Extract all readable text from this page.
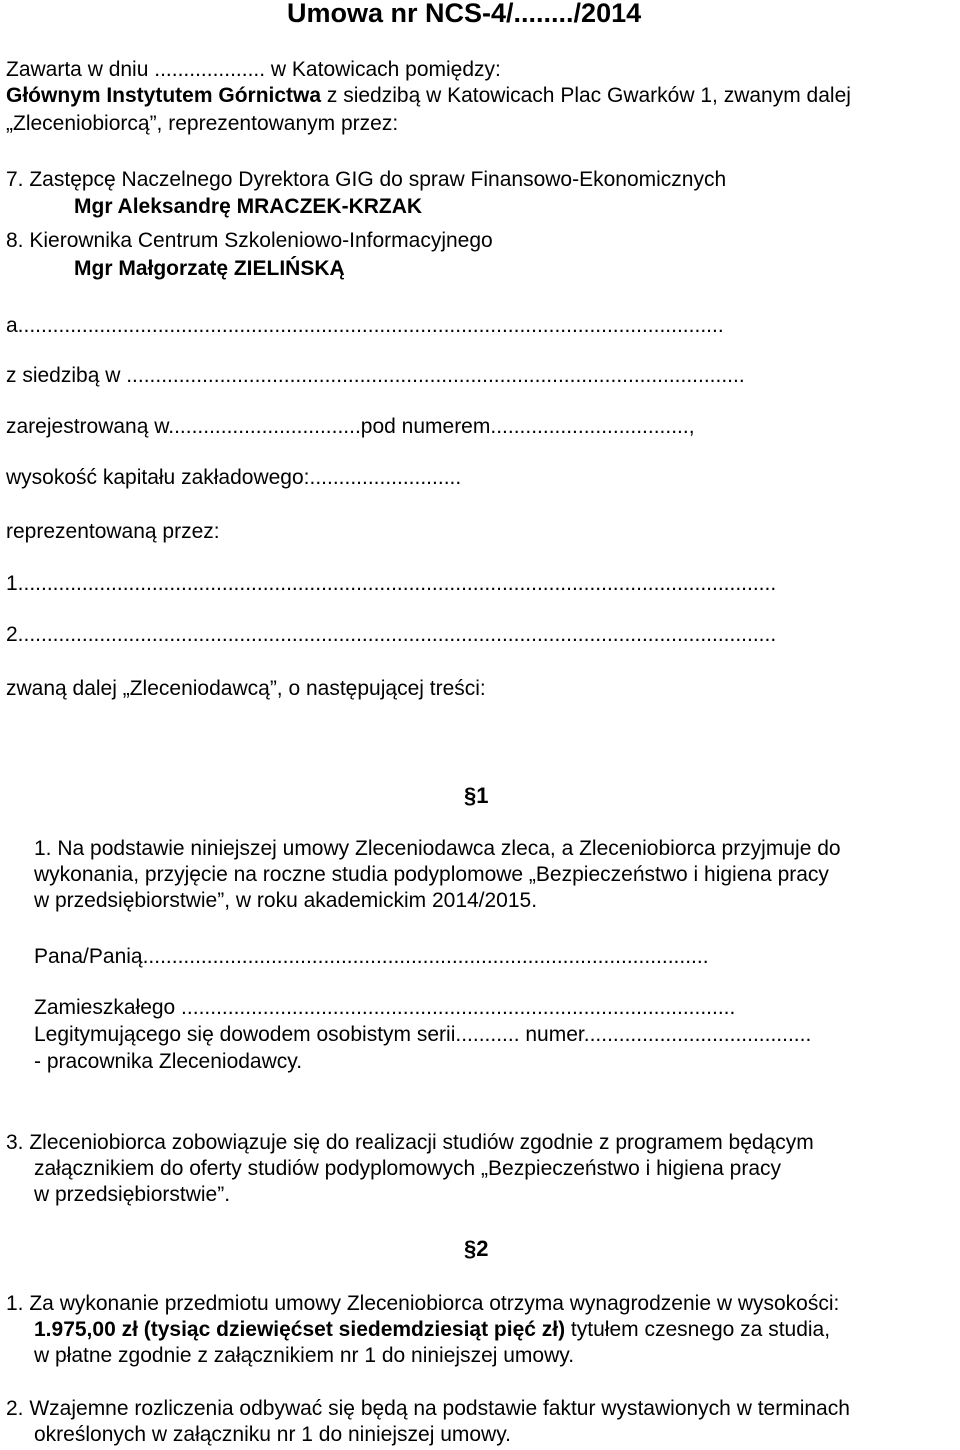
Umowa nr NCS-4/......../2014
Zawarta w dniu ................... w Katowicach pomiędzy:
Głównym Instytutem Górnictwa z siedzibą w Katowicach Plac Gwarków 1, zwanym dalej
„Zleceniobiorcą”, reprezentowanym przez:
7. Zastępcę Naczelnego Dyrektora GIG do spraw Finansowo-Ekonomicznych
Mgr Aleksandrę MRACZEK-KRZAK
8. Kierownika Centrum Szkoleniowo-Informacyjnego
Mgr Małgorzatę ZIELIŃSKĄ
a.........................................................................................................................
z siedzibą w ..........................................................................................................
zarejestrowaną w.................................pod numerem..................................,
wysokość kapitału zakładowego:..........................
reprezentowaną przez:
1..................................................................................................................................
2..................................................................................................................................
zwaną dalej „Zleceniodawcą”, o następującej treści:
§1
1. Na podstawie niniejszej umowy Zleceniodawca zleca, a Zleceniobiorca przyjmuje do
wykonania, przyjęcie na roczne studia podyplomowe „Bezpieczeństwo i higiena pracy
w przedsiębiorstwie”, w roku akademickim 2014/2015.
Pana/Panią.................................................................................................
Zamieszkałego ...............................................................................................
Legitymującego się dowodem osobistym serii........... numer.......................................
- pracownika Zleceniodawcy.
3. Zleceniobiorca zobowiązuje się do realizacji studiów zgodnie z programem będącym
załącznikiem do oferty studiów podyplomowych „Bezpieczeństwo i higiena pracy
w przedsiębiorstwie”.
§2
1. Za wykonanie przedmiotu umowy Zleceniobiorca otrzyma wynagrodzenie w wysokości:
1.975,00 zł (tysiąc dziewięćset siedemdziesiąt pięć zł) tytułem czesnego za studia,
w płatne zgodnie z załącznikiem nr 1 do niniejszej umowy.
2. Wzajemne rozliczenia odbywać się będą na podstawie faktur wystawionych w terminach
określonych w załączniku nr 1 do niniejszej umowy.
